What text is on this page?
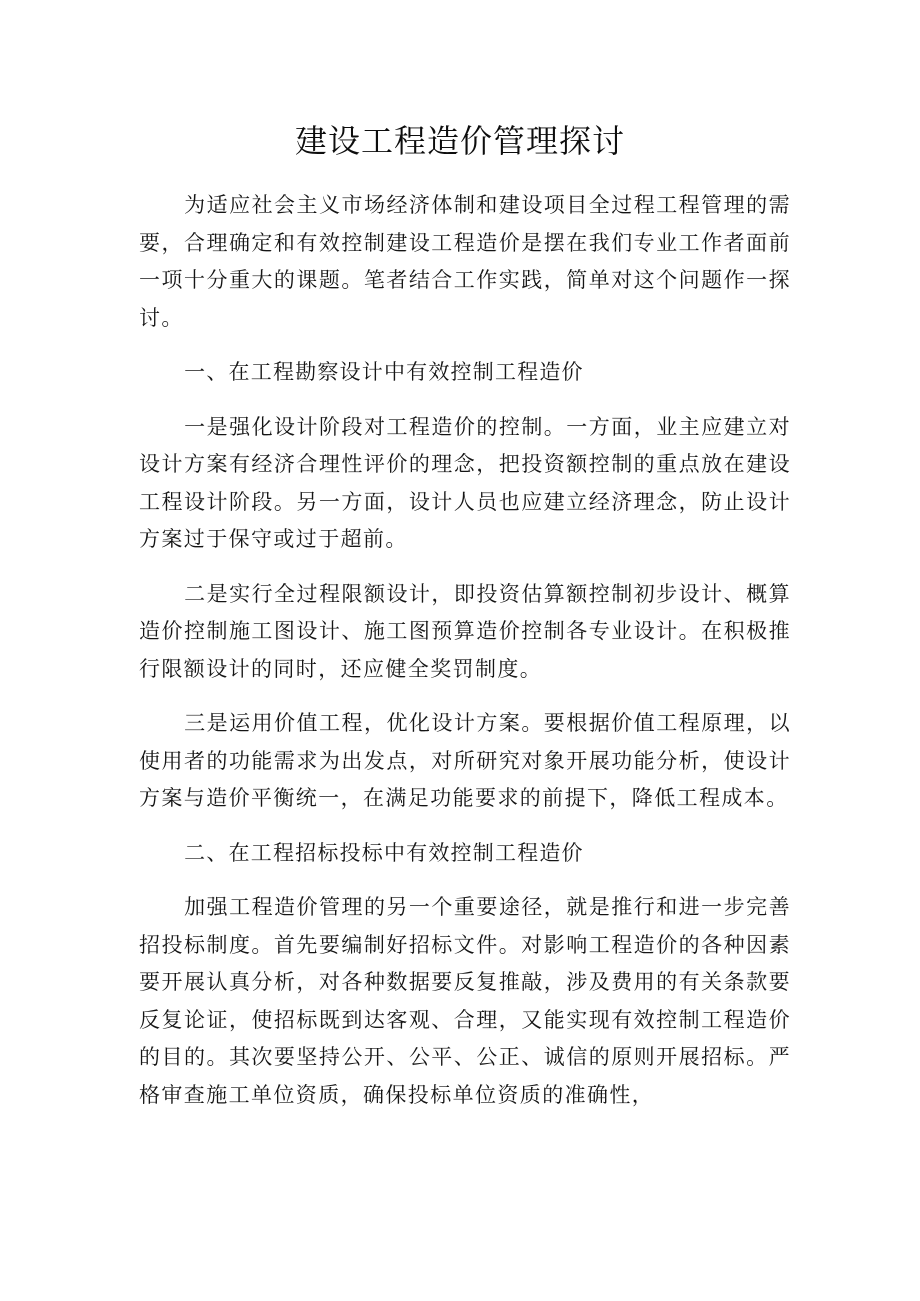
建设工程造价管理探讨

为适应社会主义市场经济体制和建设项目全过程工程管理的需要，合理确定和有效控制建设工程造价是摆在我们专业工作者面前一项十分重大的课题。笔者结合工作实践，简单对这个问题作一探讨。

一、在工程勘察设计中有效控制工程造价

一是强化设计阶段对工程造价的控制。一方面，业主应建立对设计方案有经济合理性评价的理念，把投资额控制的重点放在建设工程设计阶段。另一方面，设计人员也应建立经济理念，防止设计方案过于保守或过于超前。

二是实行全过程限额设计，即投资估算额控制初步设计、概算造价控制施工图设计、施工图预算造价控制各专业设计。在积极推行限额设计的同时，还应健全奖罚制度。

三是运用价值工程，优化设计方案。要根据价值工程原理，以使用者的功能需求为出发点，对所研究对象开展功能分析，使设计方案与造价平衡统一，在满足功能要求的前提下，降低工程成本。

二、在工程招标投标中有效控制工程造价

加强工程造价管理的另一个重要途径，就是推行和进一步完善招投标制度。首先要编制好招标文件。对影响工程造价的各种因素要开展认真分析，对各种数据要反复推敲，涉及费用的有关条款要反复论证，使招标既到达客观、合理，又能实现有效控制工程造价的目的。其次要坚持公开、公平、公正、诚信的原则开展招标。严格审查施工单位资质，确保投标单位资质的准确性，
